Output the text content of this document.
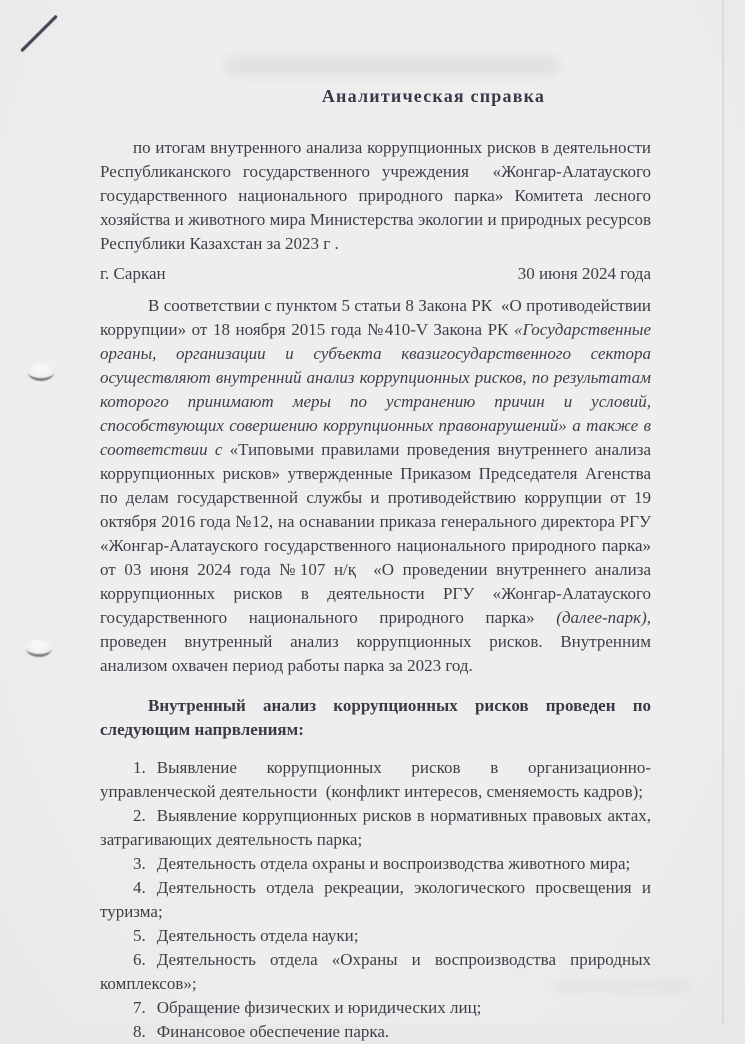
Аналитическая справка

по итогам внутренного анализа коррупционных рисков в деятельности Республиканского государственного учреждения  «Жонгар-Алатауского государственного национального природного парка» Комитета лесного хозяйства и животного мира Министерства экологии и природных ресурсов Республики Казахстан за 2023 г .

г. Саркан	30 июня 2024 года

В соответствии с пунктом 5 статьи 8 Закона РК  «О противодействии коррупции» от 18 ноября 2015 года №410-V Закона РК «Государственные органы, организации и субъекта квазигосударственного сектора осуществляют внутренний анализ коррупционных рисков, по результатам которого принимают меры по устранению причин и условий, способствующих совершению коррупционных правонарушений» а также в соответствии с «Типовыми правилами проведения внутреннего анализа коррупционных рисков» утвержденные Приказом Председателя Агенства по делам государственной службы и противодействию коррупции от 19 октября 2016 года №12, на оснавании приказа генерального директора РГУ «Жонгар-Алатауского государственного национального природного парка» от 03 июня 2024 года №107 н/қ  «О проведении внутреннего анализа коррупционных рисков в деятельности РГУ «Жонгар-Алатауского государственного национального природного парка» (далее-парк), проведен внутренный анализ коррупционных рисков. Внутренним анализом охвачен период работы парка за 2023 год.

Внутренный анализ коррупционных рисков проведен по следующим напрвлениям:

1. Выявление коррупционных рисков в организационно-управленческой деятельности  (конфликт интересов, сменяемость кадров);

2. Выявление коррупционных рисков в нормативных правовых актах, затрагивающих деятельность парка;

3. Деятельность отдела охраны и воспроизводства животного мира;

4. Деятельность отдела рекреации, экологического просвещения и туризма;

5. Деятельность отдела науки;

6. Деятельность отдела «Охраны и воспроизводства природных комплексов»;

7. Обращение физических и юридических лиц;

8. Финансовое обеспечение парка.
